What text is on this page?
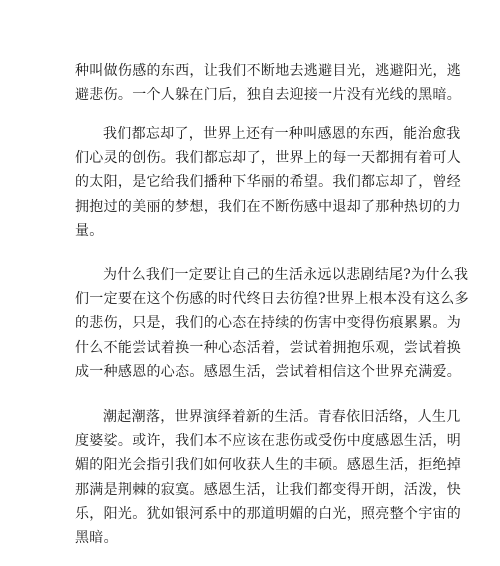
种叫做伤感的东西，让我们不断地去逃避目光，逃避阳光，逃
避悲伤。一个人躲在门后，独自去迎接一片没有光线的黑暗。
我们都忘却了，世界上还有一种叫感恩的东西，能治愈我
们心灵的创伤。我们都忘却了，世界上的每一天都拥有着可人
的太阳，是它给我们播种下华丽的希望。我们都忘却了，曾经
拥抱过的美丽的梦想，我们在不断伤感中退却了那种热切的力
量。
为什么我们一定要让自己的生活永远以悲剧结尾?为什么我
们一定要在这个伤感的时代终日去彷徨?世界上根本没有这么多
的悲伤，只是，我们的心态在持续的伤害中变得伤痕累累。为
什么不能尝试着换一种心态活着，尝试着拥抱乐观，尝试着换
成一种感恩的心态。感恩生活，尝试着相信这个世界充满爱。
潮起潮落，世界演绎着新的生活。青春依旧活络，人生几
度婆娑。或许，我们本不应该在悲伤或受伤中度感恩生活，明
媚的阳光会指引我们如何收获人生的丰硕。感恩生活，拒绝掉
那满是荆棘的寂寞。感恩生活，让我们都变得开朗，活泼，快
乐，阳光。犹如银河系中的那道明媚的白光，照亮整个宇宙的
黑暗。
